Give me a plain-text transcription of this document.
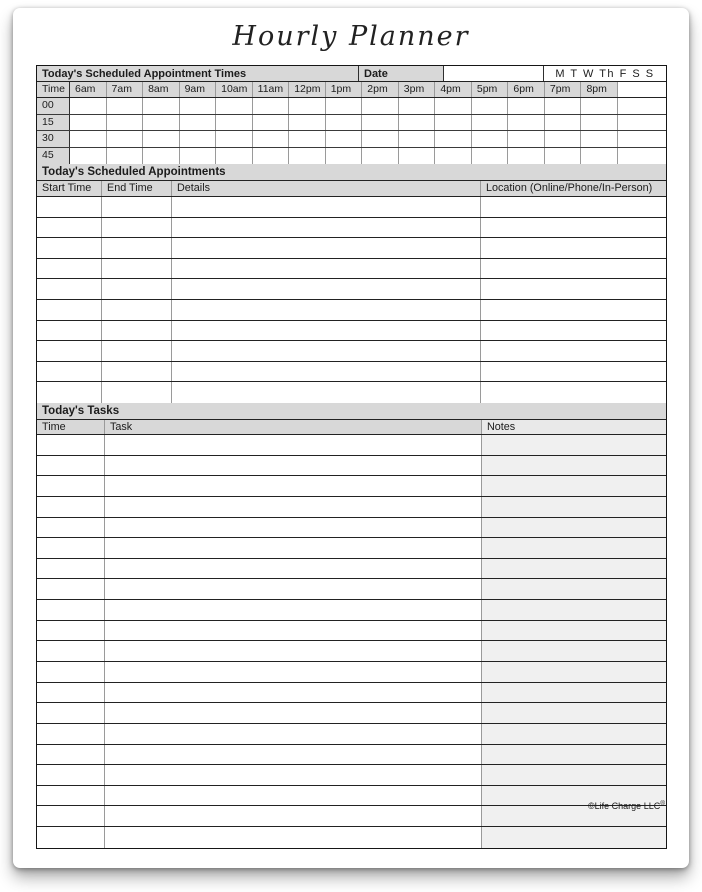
Hourly Planner
Today's Scheduled Appointment Times	Date	M T W Th F S S
Time 6am	7am	8am	9am	10am 11am	12pm 1pm	2pm	3pm	4pm	5pm	6pm	7pm	8pm
00
15
30
45
Today's Scheduled Appointments
Start Time	End Time	Details	Location (Online/Phone/In-Person)
Today's Tasks
Time	Task	Notes
©Life Charge LLC®
